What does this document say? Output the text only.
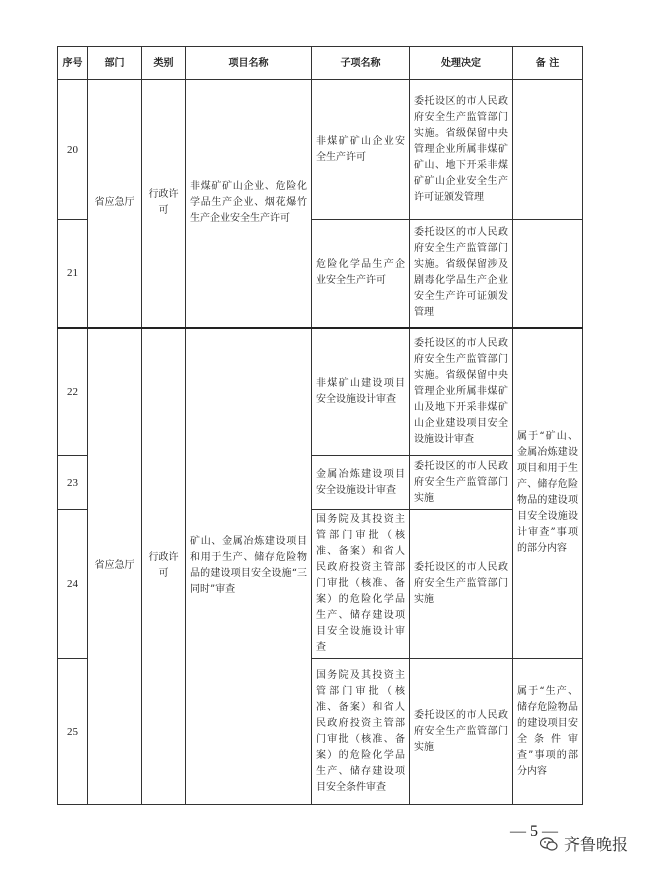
序号	部门	类别	项目名称	子项名称	处理决定	备 注
20	省应急厅	行政许可	非煤矿矿山企业、危险化学品生产企业、烟花爆竹生产企业安全生产许可	非煤矿矿山企业安全生产许可	委托设区的市人民政府安全生产监管部门实施。省级保留中央管理企业所属非煤矿矿山、地下开采非煤矿矿山企业安全生产许可证颁发管理	
21				危险化学品生产企业安全生产许可	委托设区的市人民政府安全生产监管部门实施。省级保留涉及剧毒化学品生产企业安全生产许可证颁发管理	
22	省应急厅	行政许可	矿山、金属冶炼建设项目和用于生产、储存危险物品的建设项目安全设施“三同时”审查	非煤矿山建设项目安全设施设计审查	委托设区的市人民政府安全生产监管部门实施。省级保留中央管理企业所属非煤矿山及地下开采非煤矿山企业建设项目安全设施设计审查	属于“矿山、金属冶炼建设项目和用于生产、储存危险物品的建设项目安全设施设计审查”事项的部分内容
23				金属冶炼建设项目安全设施设计审查	委托设区的市人民政府安全生产监管部门实施	
24				国务院及其投资主管部门审批（核准、备案）和省人民政府投资主管部门审批（核准、备案）的危险化学品生产、储存建设项目安全设施设计审查	委托设区的市人民政府安全生产监管部门实施	
25				国务院及其投资主管部门审批（核准、备案）和省人民政府投资主管部门审批（核准、备案）的危险化学品生产、储存建设项目安全条件审查	委托设区的市人民政府安全生产监管部门实施	属于“生产、储存危险物品的建设项目安全条件审查”事项的部分内容
— 5 —
齐鲁晚报
